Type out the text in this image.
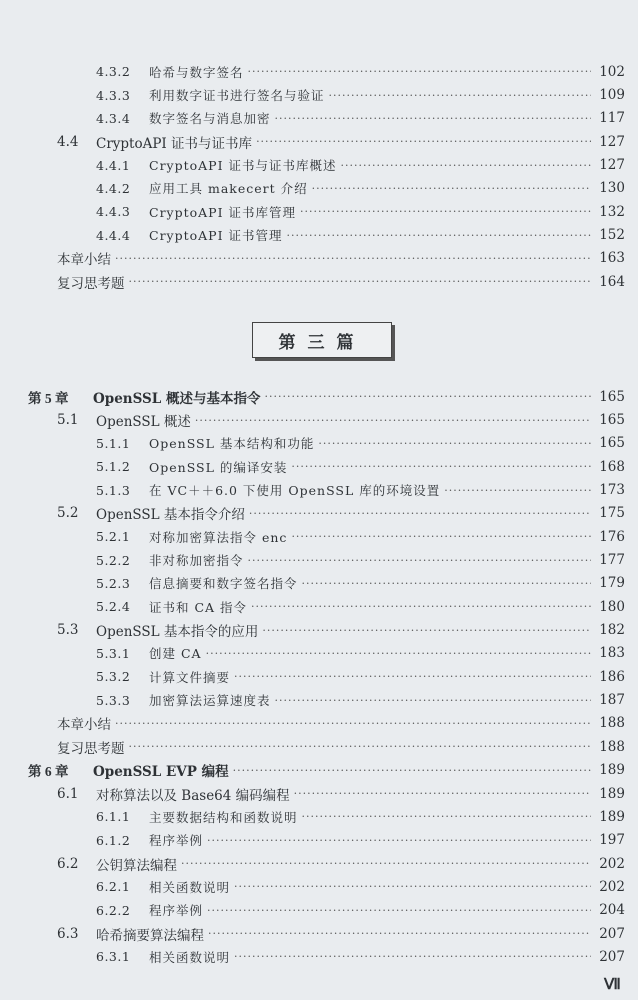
4.3.2	哈希与数字签名 ·····	102
4.3.3	利用数字证书进行签名与验证 ·····	109
4.3.4	数字签名与消息加密 ·····	117
4.4	CryptoAPI 证书与证书库 ·····	127
4.4.1	CryptoAPI 证书与证书库概述 ·····	127
4.4.2	应用工具 makecert 介绍 ·····	130
4.4.3	CryptoAPI 证书库管理 ·····	132
4.4.4	CryptoAPI 证书管理 ·····	152
本章小结 ·····	163
复习思考题 ·····	164
第三篇
第 5 章	OpenSSL 概述与基本指令 ·····	165
5.1	OpenSSL 概述 ·····	165
5.1.1	OpenSSL 基本结构和功能 ·····	165
5.1.2	OpenSSL 的编译安装 ·····	168
5.1.3	在 VC＋＋6.0 下使用 OpenSSL 库的环境设置 ·····	173
5.2	OpenSSL 基本指令介绍 ·····	175
5.2.1	对称加密算法指令 enc ·····	176
5.2.2	非对称加密指令 ·····	177
5.2.3	信息摘要和数字签名指令 ·····	179
5.2.4	证书和 CA 指令 ·····	180
5.3	OpenSSL 基本指令的应用 ·····	182
5.3.1	创建 CA ·····	183
5.3.2	计算文件摘要 ·····	186
5.3.3	加密算法运算速度表 ·····	187
本章小结 ·····	188
复习思考题 ·····	188
第 6 章	OpenSSL EVP 编程 ·····	189
6.1	对称算法以及 Base64 编码编程 ·····	189
6.1.1	主要数据结构和函数说明 ·····	189
6.1.2	程序举例 ·····	197
6.2	公钥算法编程 ·····	202
6.2.1	相关函数说明 ·····	202
6.2.2	程序举例 ·····	204
6.3	哈希摘要算法编程 ·····	207
6.3.1	相关函数说明 ·····	207
Ⅶ
